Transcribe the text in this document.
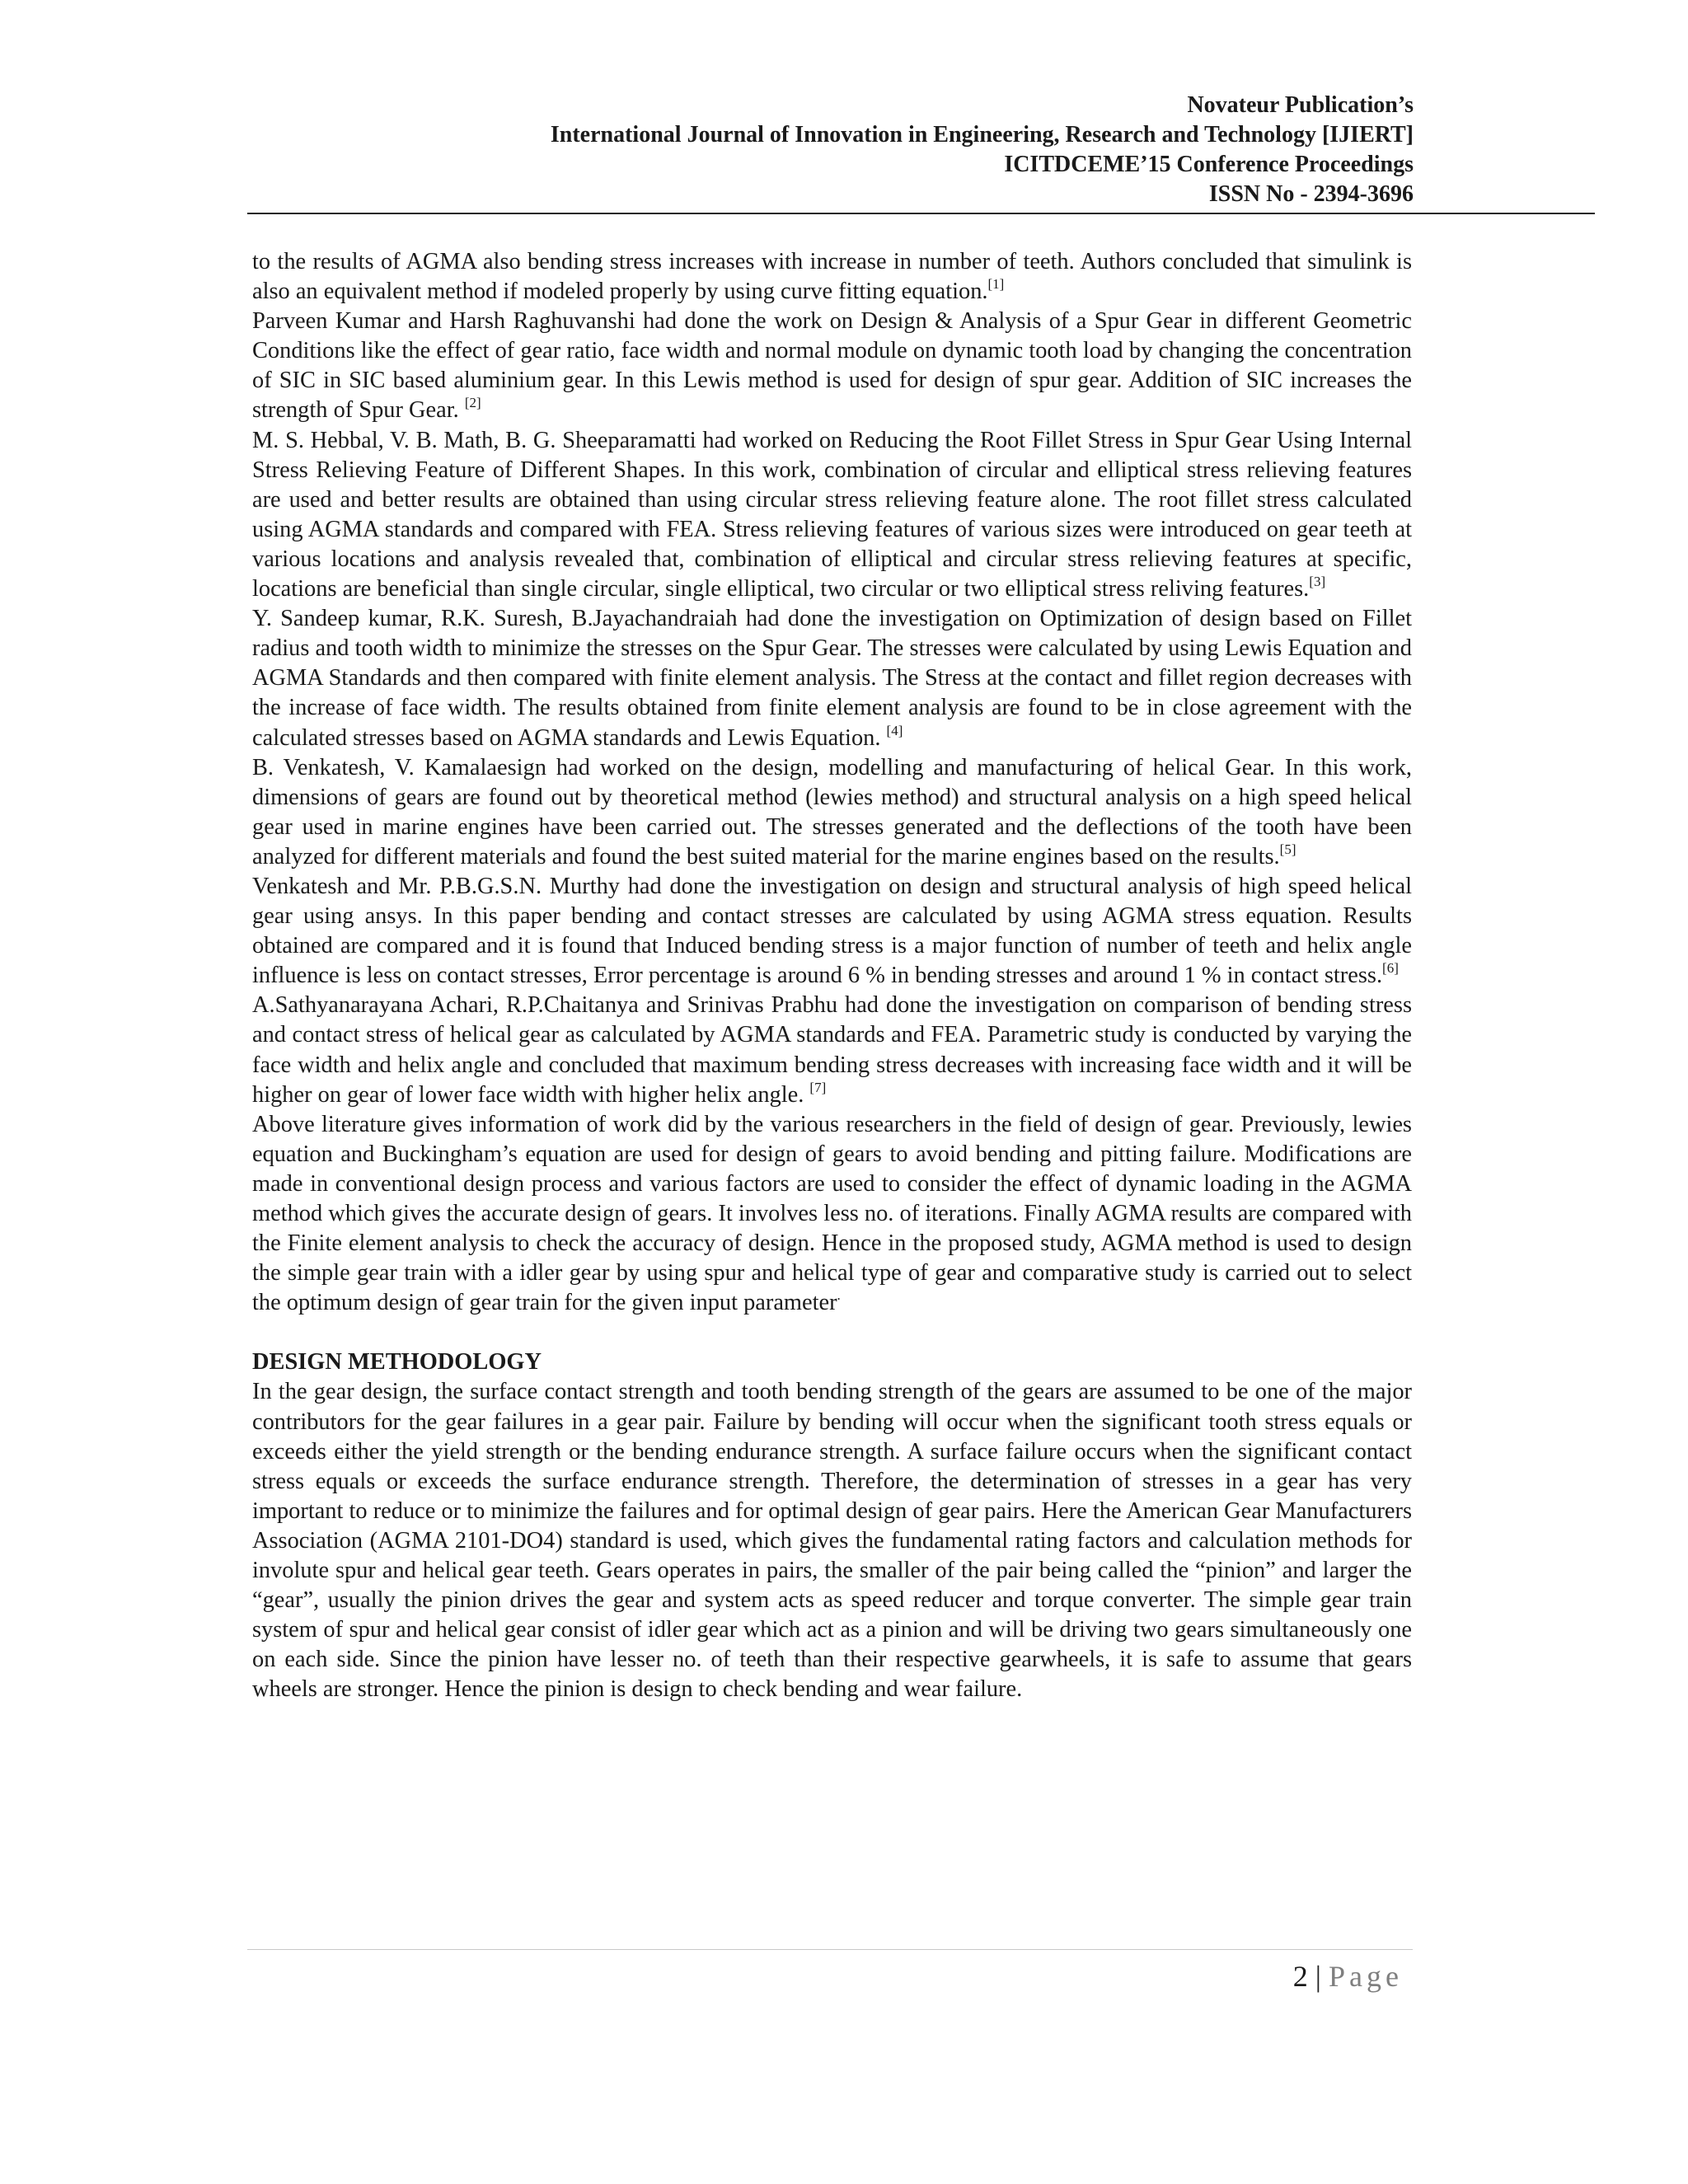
Novateur Publication’s
International Journal of Innovation in Engineering, Research and Technology [IJIERT]
ICITDCEME’15 Conference Proceedings
ISSN No - 2394-3696

to the results of AGMA also bending stress increases with increase in number of teeth. Authors concluded that simulink is also an equivalent method if modeled properly by using curve fitting equation.[1]

Parveen Kumar and Harsh Raghuvanshi had done the work on Design & Analysis of a Spur Gear in different Geometric Conditions like the effect of gear ratio, face width and normal module on dynamic tooth load by changing the concentration of SIC in SIC based aluminium gear. In this Lewis method is used for design of spur gear. Addition of SIC increases the strength of Spur Gear. [2]

M. S. Hebbal, V. B. Math, B. G. Sheeparamatti had worked on Reducing the Root Fillet Stress in Spur Gear Using Internal Stress Relieving Feature of Different Shapes. In this work, combination of circular and elliptical stress relieving features are used and better results are obtained than using circular stress relieving feature alone. The root fillet stress calculated using AGMA standards and compared with FEA. Stress relieving features of various sizes were introduced on gear teeth at various locations and analysis revealed that, combination of elliptical and circular stress relieving features at specific, locations are beneficial than single circular, single elliptical, two circular or two elliptical stress reliving features.[3]

Y. Sandeep kumar, R.K. Suresh, B.Jayachandraiah had done the investigation on Optimization of design based on Fillet radius and tooth width to minimize the stresses on the Spur Gear. The stresses were calculated by using Lewis Equation and AGMA Standards and then compared with finite element analysis. The Stress at the contact and fillet region decreases with the increase of face width. The results obtained from finite element analysis are found to be in close agreement with the calculated stresses based on AGMA standards and Lewis Equation. [4]

B. Venkatesh, V. Kamalaesign had worked on the design, modelling and manufacturing of helical Gear. In this work, dimensions of gears are found out by theoretical method (lewies method) and structural analysis on a high speed helical gear used in marine engines have been carried out. The stresses generated and the deflections of the tooth have been analyzed for different materials and found the best suited material for the marine engines based on the results.[5]

Venkatesh and Mr. P.B.G.S.N. Murthy had done the investigation on design and structural analysis of high speed helical gear using ansys. In this paper bending and contact stresses are calculated by using AGMA stress equation. Results obtained are compared and it is found that Induced bending stress is a major function of number of teeth and helix angle influence is less on contact stresses, Error percentage is around 6 % in bending stresses and around 1 % in contact stress.[6]

A.Sathyanarayana Achari, R.P.Chaitanya and Srinivas Prabhu had done the investigation on comparison of bending stress and contact stress of helical gear as calculated by AGMA standards and FEA. Parametric study is conducted by varying the face width and helix angle and concluded that maximum bending stress decreases with increasing face width and it will be higher on gear of lower face width with higher helix angle. [7]

Above literature gives information of work did by the various researchers in the field of design of gear. Previously, lewies equation and Buckingham’s equation are used for design of gears to avoid bending and pitting failure. Modifications are made in conventional design process and various factors are used to consider the effect of dynamic loading in the AGMA method which gives the accurate design of gears. It involves less no. of iterations. Finally AGMA results are compared with the Finite element analysis to check the accuracy of design. Hence in the proposed study, AGMA method is used to design the simple gear train with a idler gear by using spur and helical type of gear and comparative study is carried out to select the optimum design of gear train for the given input parameter.

DESIGN METHODOLOGY

In the gear design, the surface contact strength and tooth bending strength of the gears are assumed to be one of the major contributors for the gear failures in a gear pair. Failure by bending will occur when the significant tooth stress equals or exceeds either the yield strength or the bending endurance strength. A surface failure occurs when the significant contact stress equals or exceeds the surface endurance strength. Therefore, the determination of stresses in a gear has very important to reduce or to minimize the failures and for optimal design of gear pairs. Here the American Gear Manufacturers Association (AGMA 2101-DO4) standard is used, which gives the fundamental rating factors and calculation methods for involute spur and helical gear teeth. Gears operates in pairs, the smaller of the pair being called the “pinion” and larger the “gear”, usually the pinion drives the gear and system acts as speed reducer and torque converter. The simple gear train system of spur and helical gear consist of idler gear which act as a pinion and will be driving two gears simultaneously one on each side. Since the pinion have lesser no. of teeth than their respective gearwheels, it is safe to assume that gears wheels are stronger. Hence the pinion is design to check bending and wear failure.

2 | Page
